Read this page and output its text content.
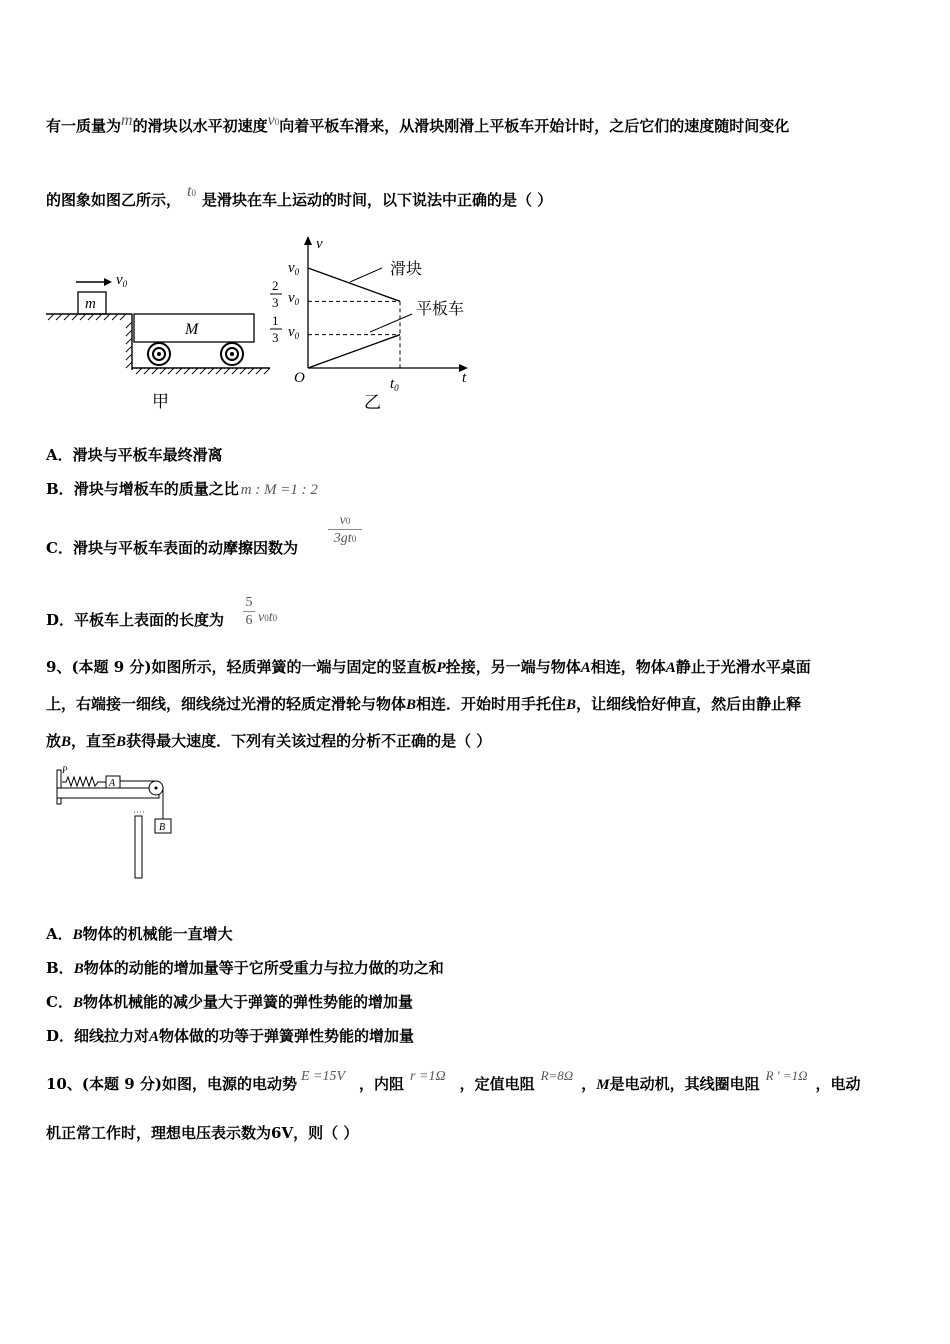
有一质量为m的滑块以水平初速度v0向着平板车滑来，从滑块刚滑上平板车开始计时，之后它们的速度随时间变化
的图象如图乙所示， t0 是滑块在车上运动的时间，以下说法中正确的是（ ）
$v_0$
m
M
甲
v
t
O
$v_0$
2
3 $v_0$
1
3 $v_0$
$t_0$
滑块
平板车
乙
A．滑块与平板车最终滑离
B．滑块与增板车的质量之比 m : M =1 : 2
C．滑块与平板车表面的动摩擦因数为 $\frac{v0}{3gt0}$
D．平板车上表面的长度为 $\frac{5}{6} v0t0$
9、(本题 9 分)如图所示，轻质弹簧的一端与固定的竖直板P拴接，另一端与物体A相连，物体A静止于光滑水平桌面
上，右端接一细线，细线绕过光滑的轻质定滑轮与物体B相连．开始时用手托住B，让细线恰好伸直，然后由静止释
放B，直至B获得最大速度．下列有关该过程的分析不正确的是（ ）
P
A
B
A．B物体的机械能一直增大
B．B物体的动能的增加量等于它所受重力与拉力做的功之和
C．B物体机械能的减少量大于弹簧的弹性势能的增加量
D．细线拉力对A物体做的功等于弹簧弹性势能的增加量
10、(本题 9 分)如图，电源的电动势 E =15V ，内阻 r =1Ω ，定值电阻 R=8Ω ，M是电动机，其线圈电阻 R ' =1Ω ，电动
机正常工作时，理想电压表示数为6V，则（ ）
